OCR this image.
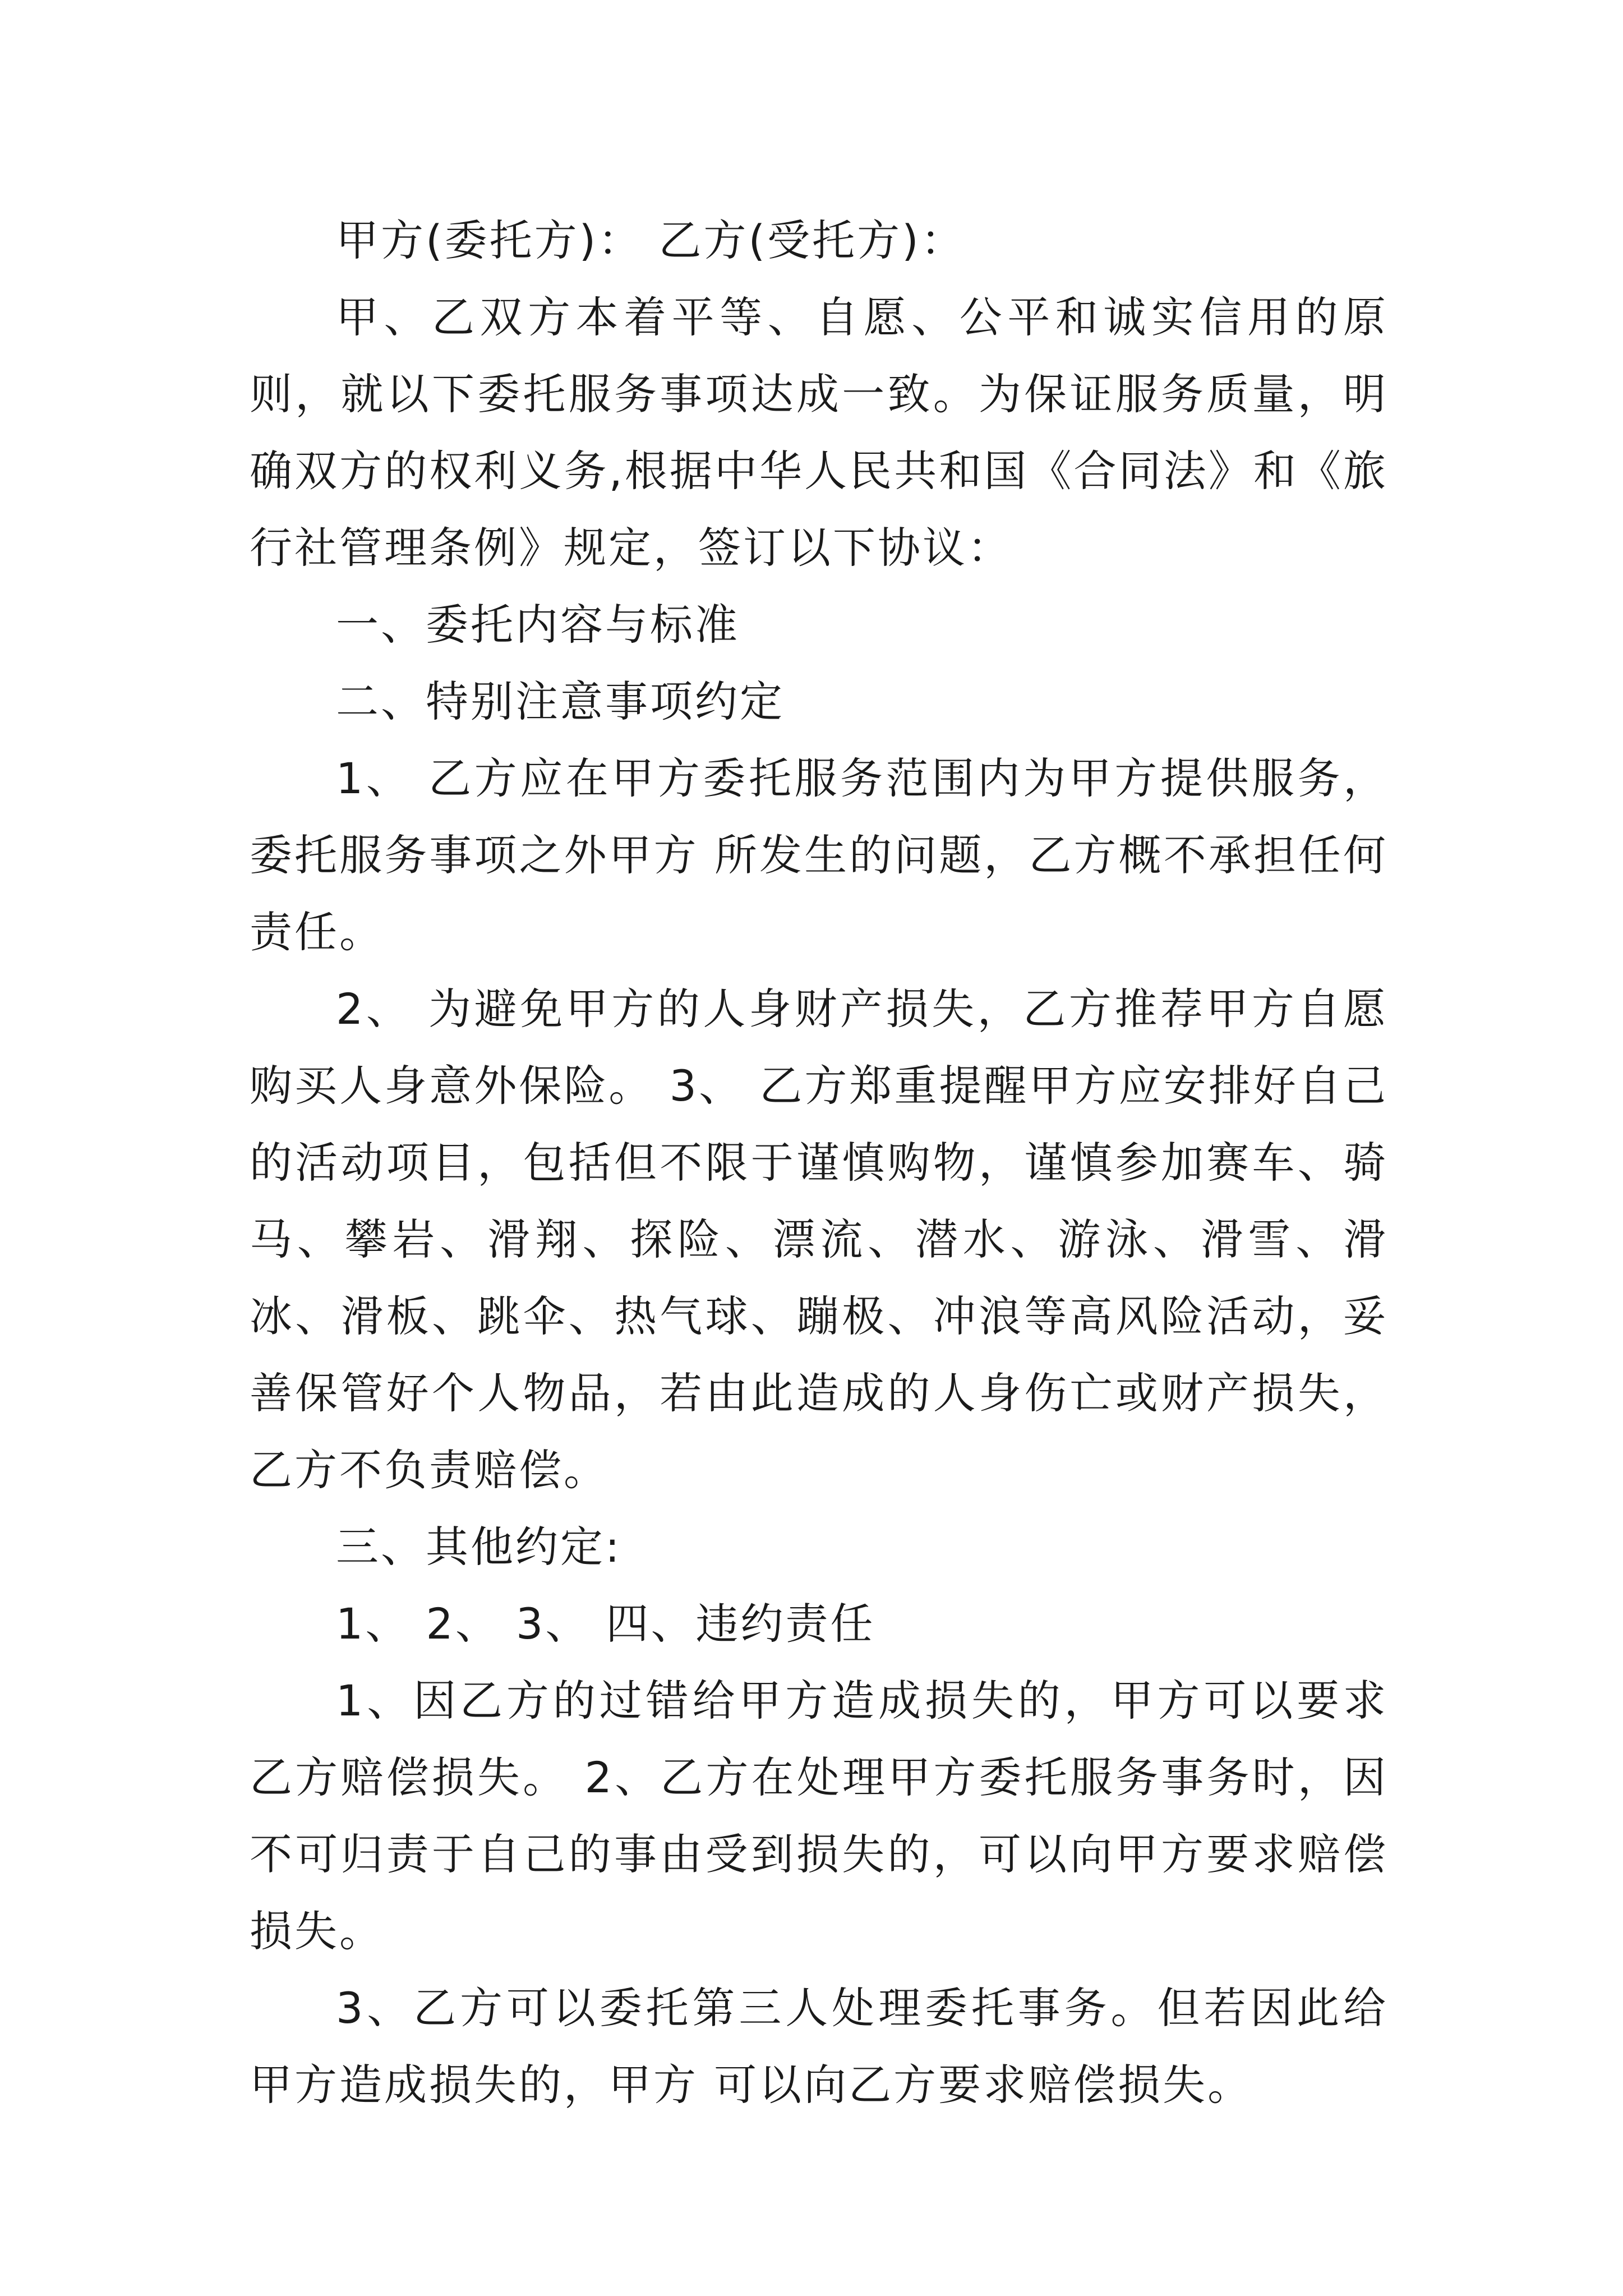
甲方(委托方)： 乙方(受托方)：

甲、乙双方本着平等、自愿、公平和诚实信用的原则，就以下委托服务事项达成一致。为保证服务质量，明确双方的权利义务,根据中华人民共和国《合同法》和《旅行社管理条例》规定，签订以下协议：

一、委托内容与标准

二、特别注意事项约定

1、 乙方应在甲方委托服务范围内为甲方提供服务，委托服务事项之外甲方 所发生的问题，乙方概不承担任何责任。

2、 为避免甲方的人身财产损失，乙方推荐甲方自愿购买人身意外保险。 3、 乙方郑重提醒甲方应安排好自己的活动项目，包括但不限于谨慎购物，谨慎参加赛车、骑马、攀岩、滑翔、探险、漂流、潜水、游泳、滑雪、滑冰、滑板、跳伞、热气球、蹦极、冲浪等高风险活动，妥善保管好个人物品，若由此造成的人身伤亡或财产损失，乙方不负责赔偿。

三、其他约定:

1、 2、 3、 四、违约责任

1、因乙方的过错给甲方造成损失的，甲方可以要求乙方赔偿损失。 2、乙方在处理甲方委托服务事务时，因不可归责于自己的事由受到损失的，可以向甲方要求赔偿损失。

3、乙方可以委托第三人处理委托事务。但若因此给甲方造成损失的，甲方 可以向乙方要求赔偿损失。
